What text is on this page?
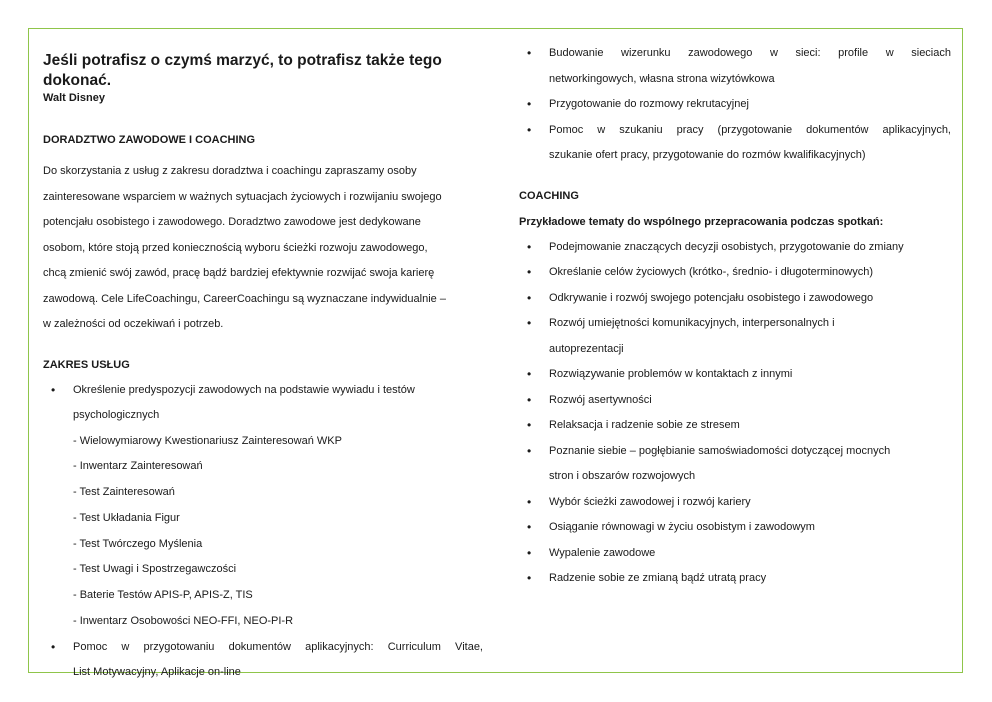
Jeśli potrafisz o czymś marzyć, to potrafisz także tego dokonać.

Walt Disney

DORADZTWO ZAWODOWE I COACHING

Do skorzystania z usług z zakresu doradztwa i coachingu zapraszamy osoby
zainteresowane wsparciem w ważnych sytuacjach życiowych i rozwijaniu swojego
potencjału osobistego i zawodowego. Doradztwo zawodowe jest dedykowane
osobom, które stoją przed koniecznością wyboru ścieżki rozwoju zawodowego,
chcą zmienić swój zawód, pracę bądź bardziej efektywnie rozwijać swoja karierę
zawodową. Cele LifeCoachingu, CareerCoachingu są wyznaczane indywidualnie –
w zależności od oczekiwań i potrzeb.

ZAKRES USŁUG

• Określenie predyspozycji zawodowych na podstawie wywiadu i testów
psychologicznych
- Wielowymiarowy Kwestionariusz Zainteresowań WKP
- Inwentarz Zainteresowań
- Test Zainteresowań
- Test Układania Figur
- Test Twórczego Myślenia
- Test Uwagi i Spostrzegawczości
- Baterie Testów APIS-P, APIS-Z, TIS
- Inwentarz Osobowości NEO-FFI, NEO-PI-R
• Pomoc w przygotowaniu dokumentów aplikacyjnych: Curriculum Vitae,
List Motywacyjny, Aplikacje on-line
• Budowanie wizerunku zawodowego w sieci: profile w sieciach
networkingowych, własna strona wizytówkowa
• Przygotowanie do rozmowy rekrutacyjnej
• Pomoc w szukaniu pracy (przygotowanie dokumentów aplikacyjnych,
szukanie ofert pracy, przygotowanie do rozmów kwalifikacyjnych)

COACHING

Przykładowe tematy do wspólnego przepracowania podczas spotkań:

• Podejmowanie znaczących decyzji osobistych, przygotowanie do zmiany
• Określanie celów życiowych (krótko-, średnio- i długoterminowych)
• Odkrywanie i rozwój swojego potencjału osobistego i zawodowego
• Rozwój umiejętności komunikacyjnych, interpersonalnych i
autoprezentacji
• Rozwiązywanie problemów w kontaktach z innymi
• Rozwój asertywności
• Relaksacja i radzenie sobie ze stresem
• Poznanie siebie – pogłębianie samoświadomości dotyczącej mocnych
stron i obszarów rozwojowych
• Wybór ścieżki zawodowej i rozwój kariery
• Osiąganie równowagi w życiu osobistym i zawodowym
• Wypalenie zawodowe
• Radzenie sobie ze zmianą bądź utratą pracy
